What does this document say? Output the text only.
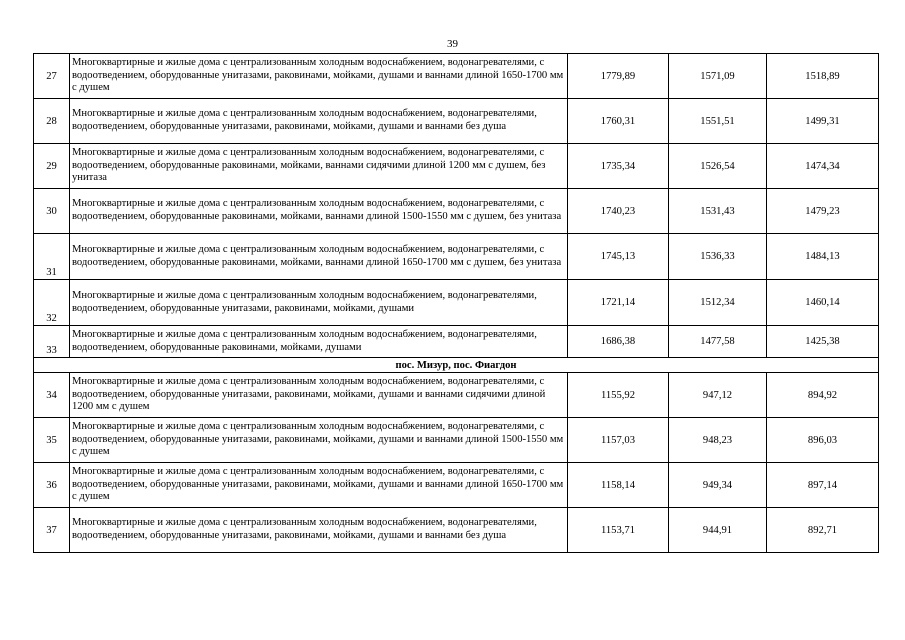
39
27	Многоквартирные и жилые дома с централизованным холодным водоснабжением, водонагревателями, с водоотведением, оборудованные унитазами, раковинами, мойками, душами и ваннами длиной 1650-1700 мм с душем	1779,89	1571,09	1518,89
28	Многоквартирные и жилые дома с централизованным холодным водоснабжением, водонагревателями, водоотведением, оборудованные унитазами, раковинами, мойками, душами и ваннами без душа	1760,31	1551,51	1499,31
29	Многоквартирные и жилые дома с централизованным холодным водоснабжением, водонагревателями, с водоотведением, оборудованные раковинами, мойками, ваннами сидячими длиной 1200 мм с душем, без унитаза	1735,34	1526,54	1474,34
30	Многоквартирные и жилые дома с централизованным холодным водоснабжением, водонагревателями, с водоотведением, оборудованные раковинами, мойками, ваннами длиной 1500-1550 мм с душем, без унитаза	1740,23	1531,43	1479,23
31	Многоквартирные и жилые дома с централизованным холодным водоснабжением, водонагревателями, с водоотведением, оборудованные раковинами, мойками, ваннами длиной 1650-1700 мм с душем, без унитаза	1745,13	1536,33	1484,13
32	Многоквартирные и жилые дома с централизованным холодным водоснабжением, водонагревателями, водоотведением, оборудованные унитазами, раковинами, мойками, душами	1721,14	1512,34	1460,14
33	Многоквартирные и жилые дома с централизованным холодным водоснабжением, водонагревателями, водоотведением, оборудованные раковинами, мойками, душами	1686,38	1477,58	1425,38
пос. Мизур, пос. Фиагдон				
34	Многоквартирные и жилые дома с централизованным холодным водоснабжением, водонагревателями, с водоотведением, оборудованные унитазами, раковинами, мойками, душами и ваннами сидячими длиной 1200 мм с душем	1155,92	947,12	894,92
35	Многоквартирные и жилые дома с централизованным холодным водоснабжением, водонагревателями, с водоотведением, оборудованные унитазами, раковинами, мойками, душами и ваннами длиной 1500-1550 мм с душем	1157,03	948,23	896,03
36	Многоквартирные и жилые дома с централизованным холодным водоснабжением, водонагревателями, с водоотведением, оборудованные унитазами, раковинами, мойками, душами и ваннами длиной 1650-1700 мм с душем	1158,14	949,34	897,14
37	Многоквартирные и жилые дома с централизованным холодным водоснабжением, водонагревателями, водоотведением, оборудованные унитазами, раковинами, мойками, душами и ваннами без душа	1153,71	944,91	892,71
